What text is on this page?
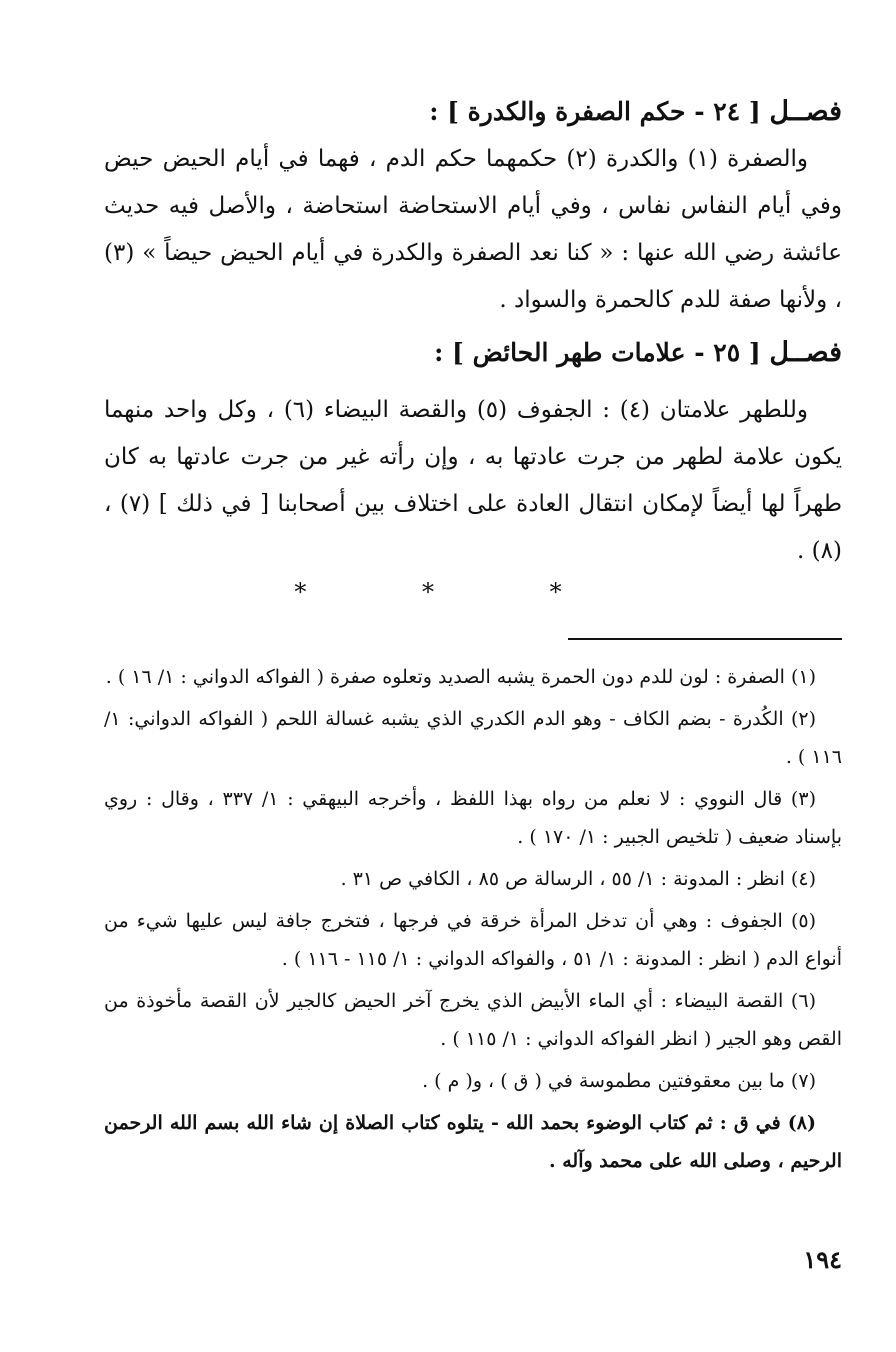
فصــل [ ٢٤ - حكم الصفرة والكدرة ] :
والصفرة (١) والكدرة (٢) حكمهما حكم الدم ، فهما في أيام الحيض حيض وفي أيام النفاس نفاس ، وفي أيام الاستحاضة استحاضة ، والأصل فيه حديث عائشة رضي الله عنها : « كنا نعد الصفرة والكدرة في أيام الحيض حيضاً » (٣) ، ولأنها صفة للدم كالحمرة والسواد .
فصــل [ ٢٥ - علامات طهر الحائض ] :
وللطهر علامتان (٤) : الجفوف (٥) والقصة البيضاء (٦) ، وكل واحد منهما يكون علامة لطهر من جرت عادتها به ، وإن رأته غير من جرت عادتها به كان طهراً لها أيضاً لإمكان انتقال العادة على اختلاف بين أصحابنا [ في ذلك ] (٧) ، (٨) .
*	*	*

(١) الصفرة : لون للدم دون الحمرة يشبه الصديد وتعلوه صفرة ( الفواكه الدواني : ١/ ١٦ ) .

(٢) الكُدرة - بضم الكاف - وهو الدم الكدري الذي يشبه غسالة اللحم ( الفواكه الدواني: ١/ ١١٦ ) .

(٣) قال النووي : لا نعلم من رواه بهذا اللفظ ، وأخرجه البيهقي : ١/ ٣٣٧ ، وقال : روي بإسناد ضعيف ( تلخيص الجبير : ١/ ١٧٠ ) .

(٤) انظر : المدونة : ١/ ٥٥ ، الرسالة ص ٨٥ ، الكافي ص ٣١ .

(٥) الجفوف : وهي أن تدخل المرأة خرقة في فرجها ، فتخرج جافة ليس عليها شيء من أنواع الدم ( انظر : المدونة : ١/ ٥١ ، والفواكه الدواني : ١/ ١١٥ - ١١٦ ) .

(٦) القصة البيضاء : أي الماء الأبيض الذي يخرج آخر الحيض كالجير لأن القصة مأخوذة من القص وهو الجير ( انظر الفواكه الدواني : ١/ ١١٥ ) .

(٧) ما بين معقوفتين مطموسة في ( ق ) ، و( م ) .

(٨) في ق : ثم كتاب الوضوء بحمد الله - يتلوه كتاب الصلاة إن شاء الله بسم الله الرحمن الرحيم ، وصلى الله على محمد وآله .

١٩٤
